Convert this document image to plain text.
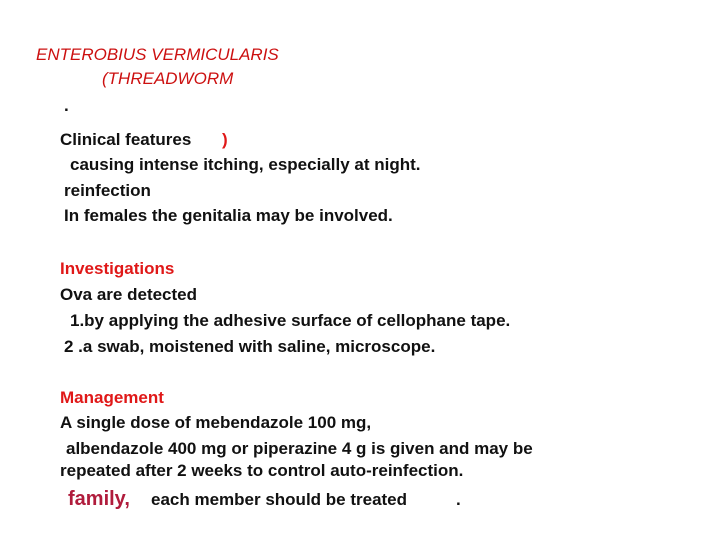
ENTEROBIUS VERMICULARIS
(THREADWORM
.
Clinical features )
causing intense itching, especially at night.
reinfection
In females the genitalia may be involved.
Investigations
Ova are detected
1.by applying the adhesive surface of cellophane tape.
2 .a swab, moistened with saline, microscope.
Management
A single dose of mebendazole 100 mg,
albendazole 400 mg or piperazine 4 g is given and may be
repeated after 2 weeks to control auto-reinfection.
family, each member should be treated	.
